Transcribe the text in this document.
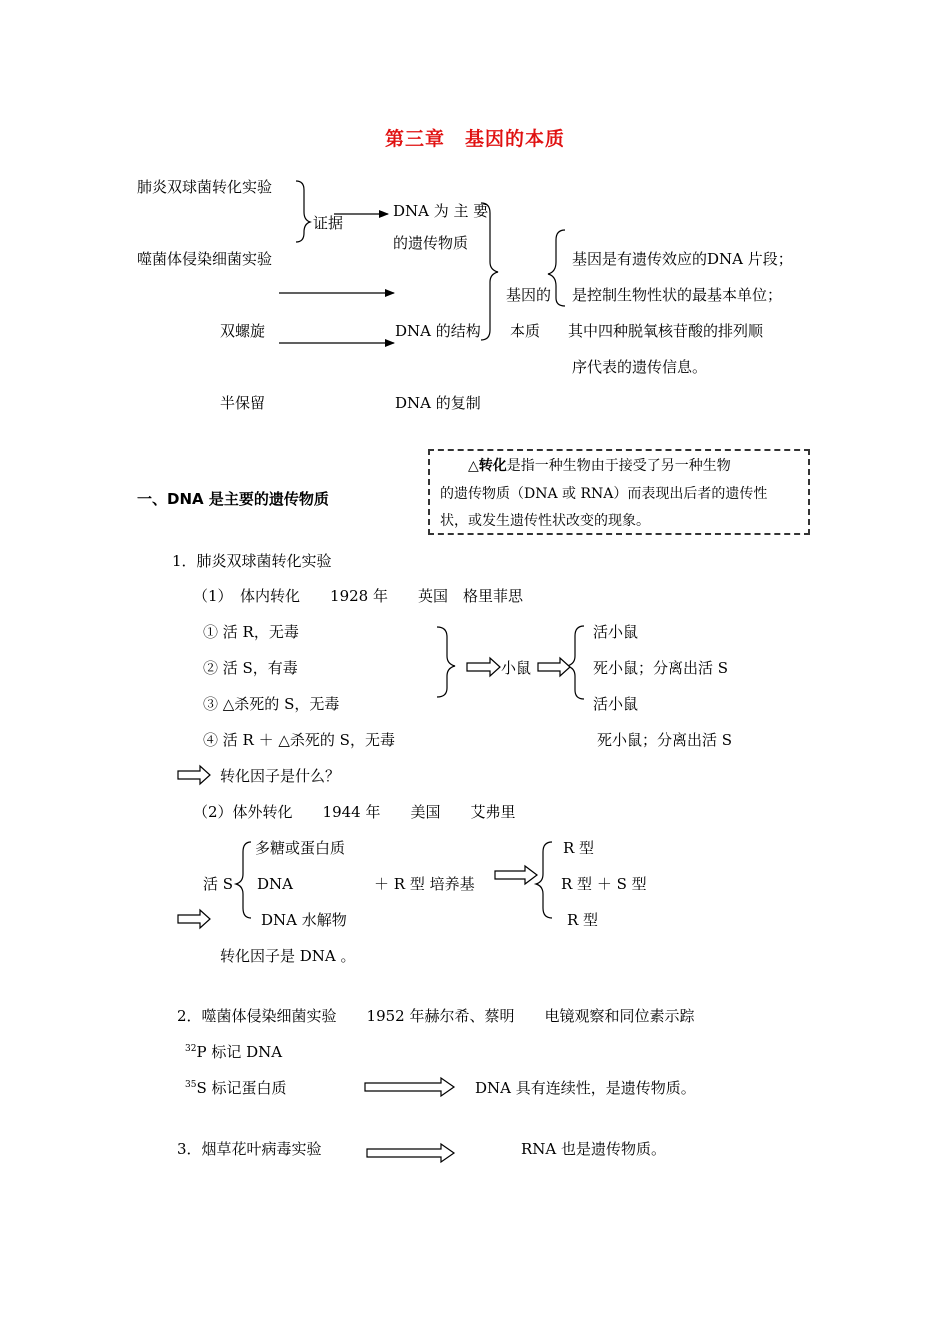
第三章　基因的本质
肺炎双球菌转化实验
噬菌体侵染细菌实验
证据
DNA 为 主 要
的遗传物质
双螺旋	DNA 的结构
半保留	DNA 的复制
基因的
本质
基因是有遗传效应的DNA 片段；
是控制生物性状的最基本单位；
其中四种脱氧核苷酸的排列顺
序代表的遗传信息。
△转化是指一种生物由于接受了另一种生物
的遗传物质（DNA 或 RNA）而表现出后者的遗传性
状，或发生遗传性状改变的现象。
一、DNA 是主要的遗传物质
1．肺炎双球菌转化实验
（1）　体内转化　　1928 年　　英国　格里菲思
① 活 R，无毒
② 活 S，有毒
③ △杀死的 S，无毒
④ 活 R ＋ △杀死的 S，无毒
小鼠
活小鼠
死小鼠；分离出活 S
活小鼠
死小鼠；分离出活 S
转化因子是什么？
（2）体外转化　　1944 年　　美国　　艾弗里
活 S
多糖或蛋白质
DNA
DNA 水解物
＋ R 型 培养基
R 型
R 型 ＋ S 型
R 型
转化因子是 DNA 。
2．噬菌体侵染细菌实验　　1952 年赫尔希、蔡明　　电镜观察和同位素示踪
$^{32}$P 标记 DNA
$^{35}$S 标记蛋白质	DNA 具有连续性，是遗传物质。
3．烟草花叶病毒实验	RNA 也是遗传物质。
